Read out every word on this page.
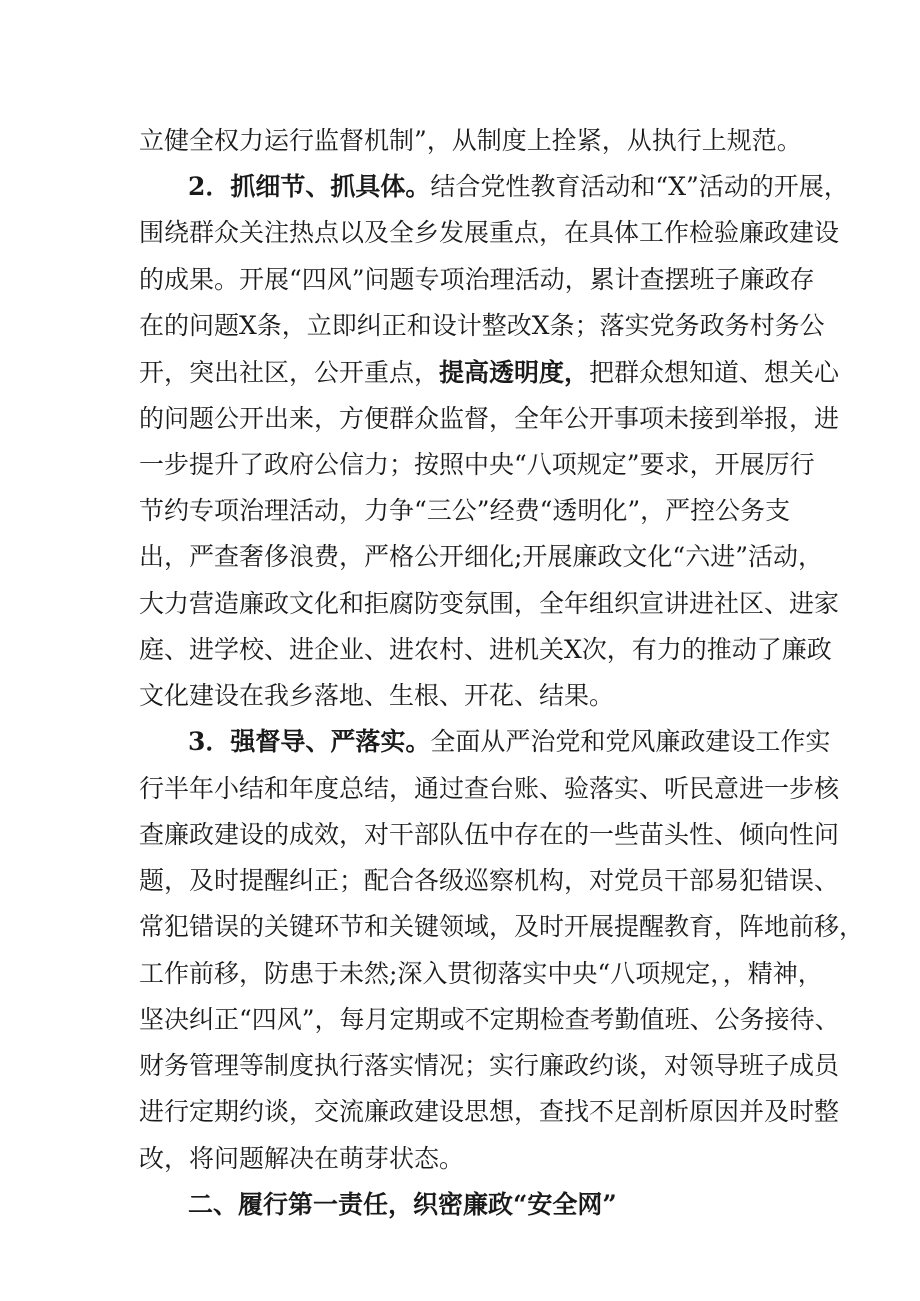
立健全权力运行监督机制”，从制度上拴紧，从执行上规范。
2．抓细节、抓具体。结合党性教育活动和“X”活动的开展，
围绕群众关注热点以及全乡发展重点，在具体工作检验廉政建设
的成果。开展“四风”问题专项治理活动，累计查摆班子廉政存
在的问题X条，立即纠正和设计整改X条；落实党务政务村务公
开，突出社区，公开重点，提高透明度，把群众想知道、想关心
的问题公开出来，方便群众监督，全年公开事项未接到举报，进
一步提升了政府公信力；按照中央“八项规定”要求，开展厉行
节约专项治理活动，力争“三公”经费“透明化”，严控公务支
出，严查奢侈浪费，严格公开细化;开展廉政文化“六进”活动，
大力营造廉政文化和拒腐防变氛围，全年组织宣讲进社区、进家
庭、进学校、进企业、进农村、进机关X次，有力的推动了廉政
文化建设在我乡落地、生根、开花、结果。
3．强督导、严落实。全面从严治党和党风廉政建设工作实
行半年小结和年度总结，通过查台账、验落实、听民意进一步核
查廉政建设的成效，对干部队伍中存在的一些苗头性、倾向性问
题，及时提醒纠正；配合各级巡察机构，对党员干部易犯错误、
常犯错误的关键环节和关键领域，及时开展提醒教育，阵地前移，
工作前移，防患于未然;深入贯彻落实中央“八项规定，，精神，
坚决纠正“四风”，每月定期或不定期检查考勤值班、公务接待、
财务管理等制度执行落实情况；实行廉政约谈，对领导班子成员
进行定期约谈，交流廉政建设思想，查找不足剖析原因并及时整
改，将问题解决在萌芽状态。
二、履行第一责任，织密廉政“安全网”
